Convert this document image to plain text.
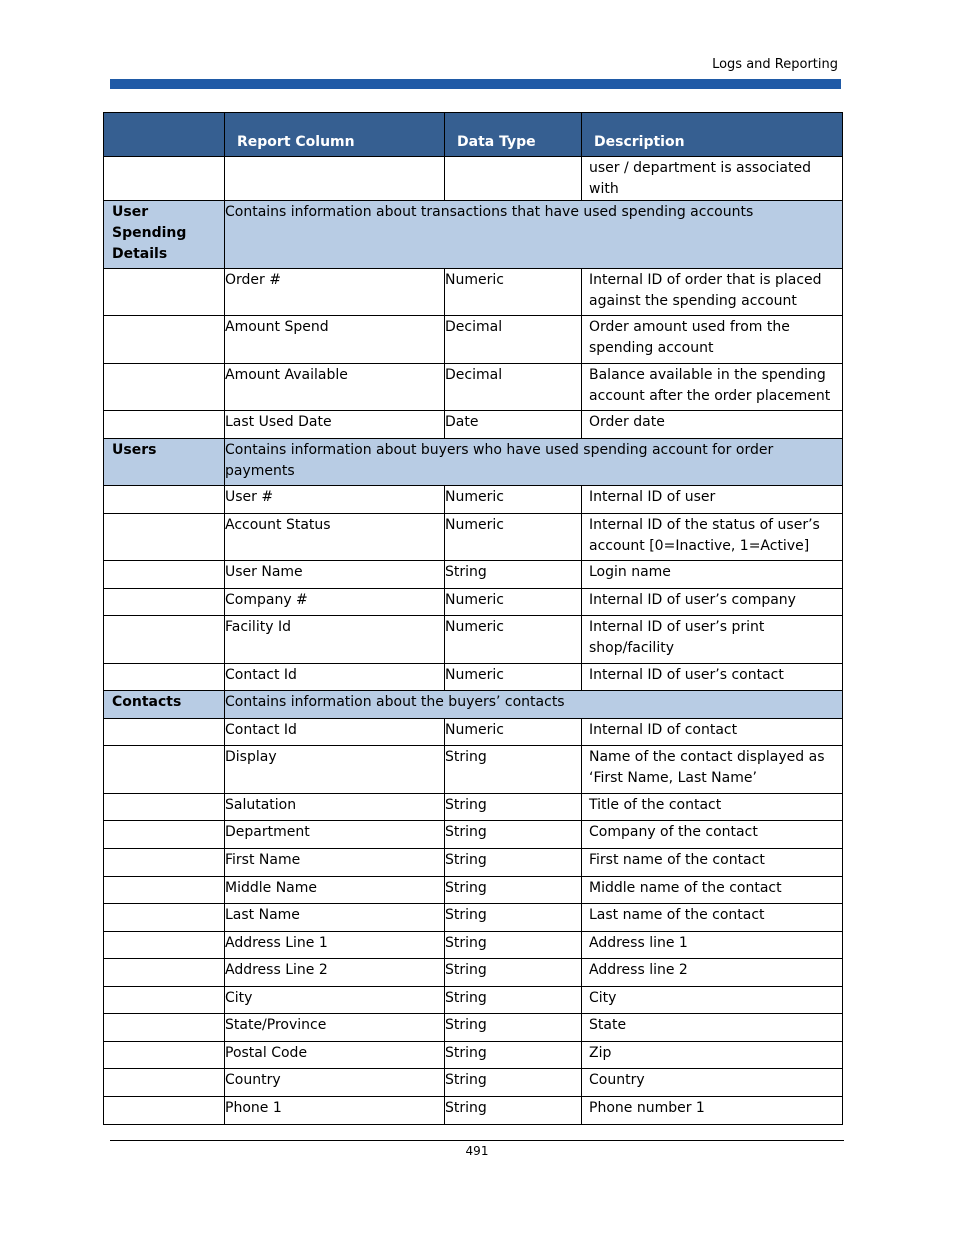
Logs and Reporting
	Report Column	Data Type	Description
			user / department is associated with
User Spending Details	Contains information about transactions that have used spending accounts		
	Order #	Numeric	Internal ID of order that is placed against the spending account
	Amount Spend	Decimal	Order amount used from the spending account
	Amount Available	Decimal	Balance available in the spending account after the order placement
	Last Used Date	Date	Order date
Users	Contains information about buyers who have used spending account for order payments		
	User #	Numeric	Internal ID of user
	Account Status	Numeric	Internal ID of the status of user’s account [0=Inactive, 1=Active]
	User Name	String	Login name
	Company #	Numeric	Internal ID of user’s company
	Facility Id	Numeric	Internal ID of user’s print shop/facility
	Contact Id	Numeric	Internal ID of user’s contact
Contacts	Contains information about the buyers’ contacts		
	Contact Id	Numeric	Internal ID of contact
	Display	String	Name of the contact displayed as ‘First Name, Last Name’
	Salutation	String	Title of the contact
	Department	String	Company of the contact
	First Name	String	First name of the contact
	Middle Name	String	Middle name of the contact
	Last Name	String	Last name of the contact
	Address Line 1	String	Address line 1
	Address Line 2	String	Address line 2
	City	String	City
	State/Province	String	State
	Postal Code	String	Zip
	Country	String	Country
	Phone 1	String	Phone number 1
491
